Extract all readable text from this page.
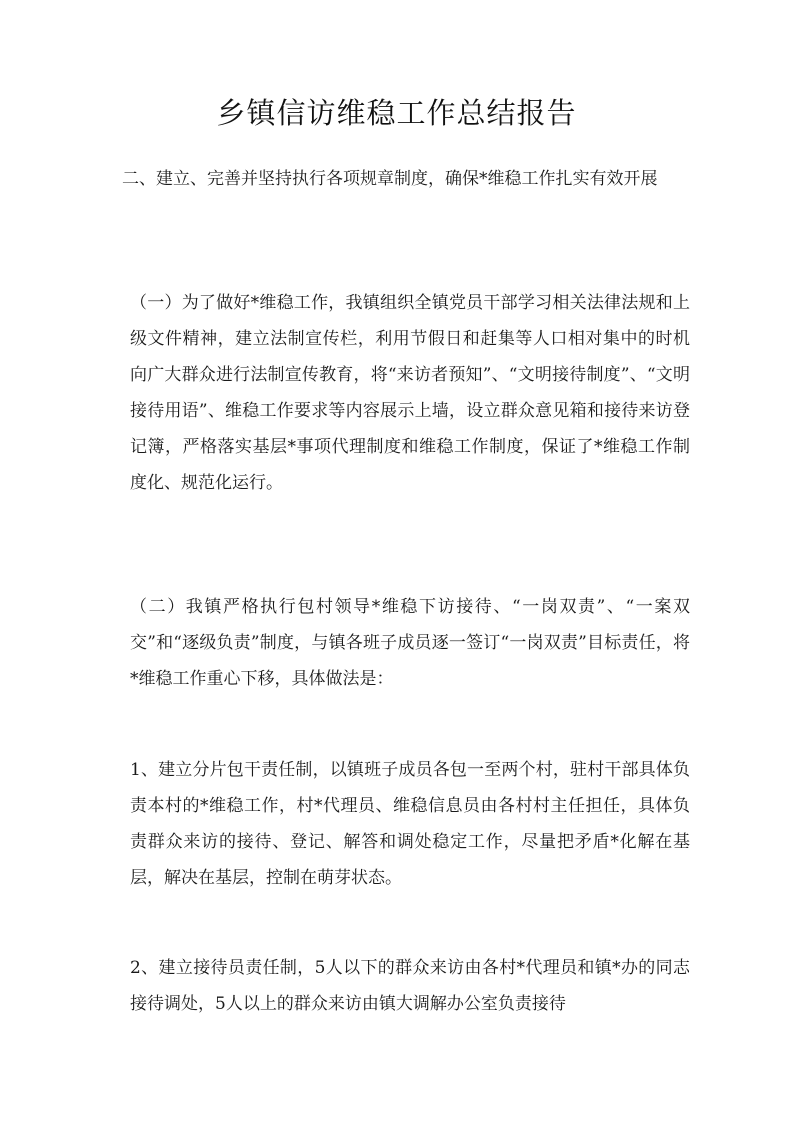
乡镇信访维稳工作总结报告
二、建立、完善并坚持执行各项规章制度，确保*维稳工作扎实有效开展
（一）为了做好*维稳工作，我镇组织全镇党员干部学习相关法律法规和上级文件精神，建立法制宣传栏，利用节假日和赶集等人口相对集中的时机向广大群众进行法制宣传教育，将“来访者预知”、“文明接待制度”、“文明接待用语”、维稳工作要求等内容展示上墙，设立群众意见箱和接待来访登记簿，严格落实基层*事项代理制度和维稳工作制度，保证了*维稳工作制度化、规范化运行。
（二）我镇严格执行包村领导*维稳下访接待、“一岗双责”、“一案双交”和“逐级负责”制度，与镇各班子成员逐一签订“一岗双责”目标责任，将*维稳工作重心下移，具体做法是：
1、建立分片包干责任制，以镇班子成员各包一至两个村，驻村干部具体负责本村的*维稳工作，村*代理员、维稳信息员由各村村主任担任，具体负责群众来访的接待、登记、解答和调处稳定工作，尽量把矛盾*化解在基层，解决在基层，控制在萌芽状态。
2、建立接待员责任制，5人以下的群众来访由各村*代理员和镇*办的同志接待调处，5人以上的群众来访由镇大调解办公室负责接待
